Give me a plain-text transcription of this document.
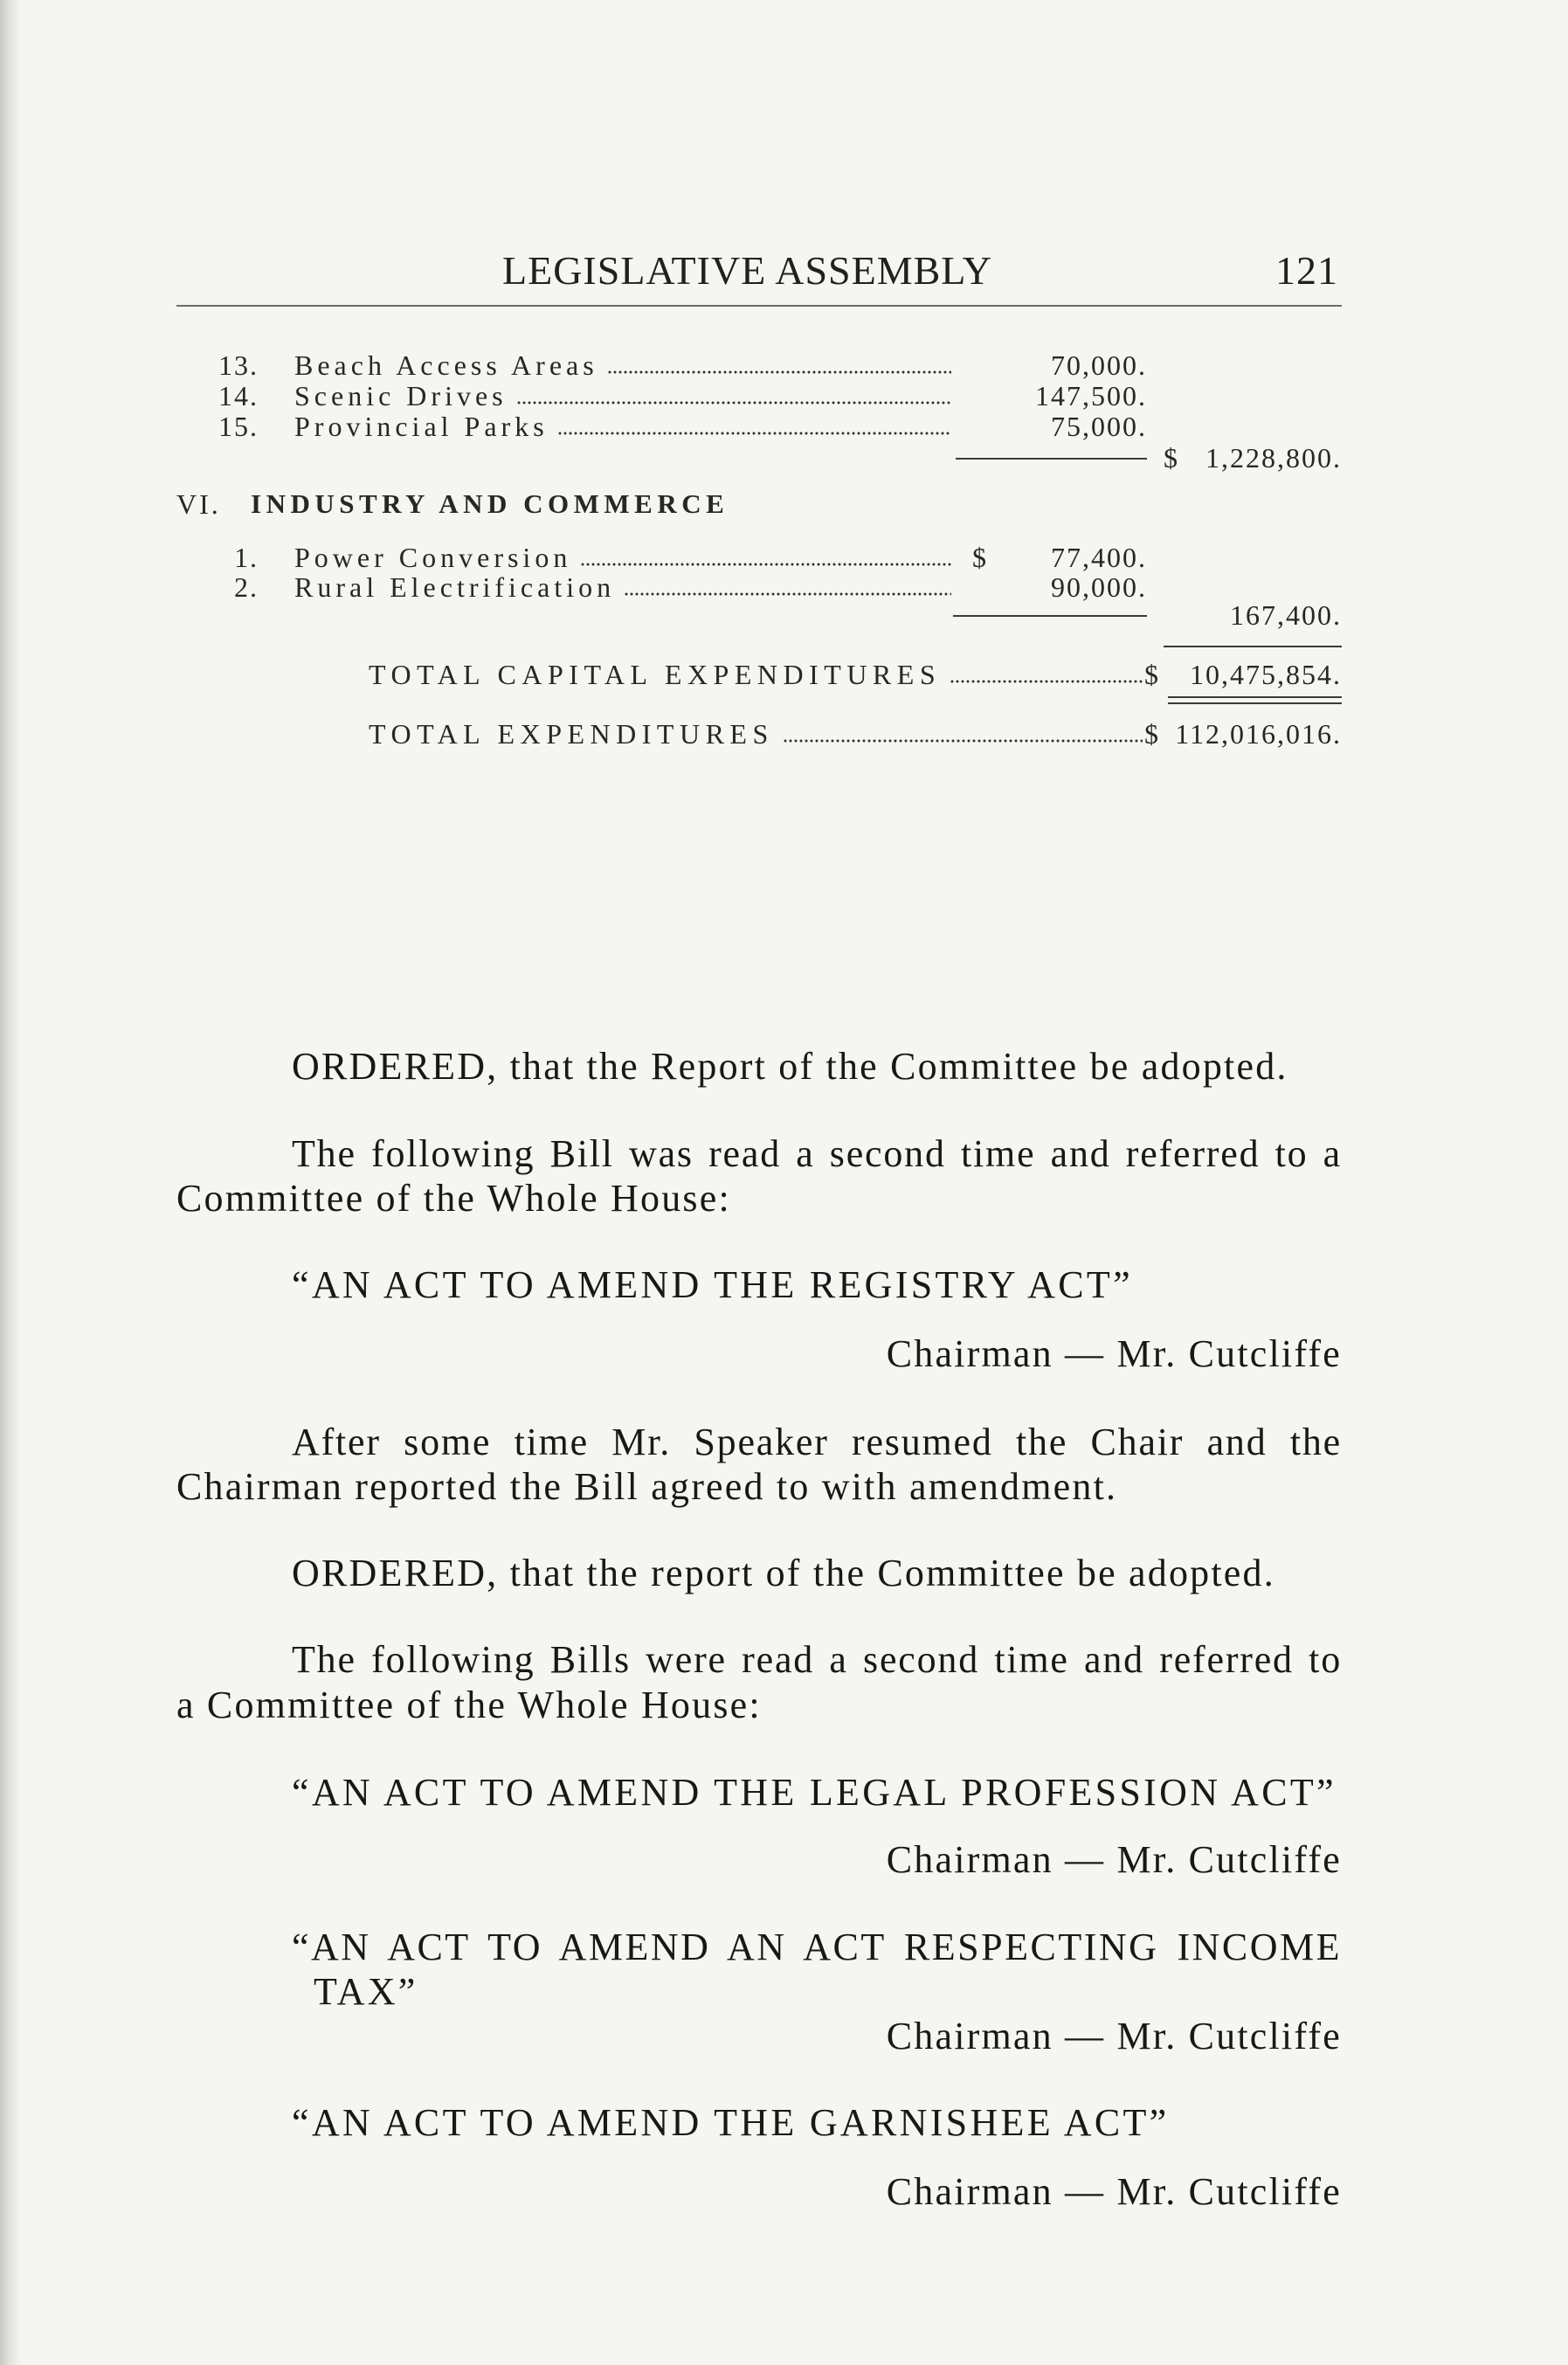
LEGISLATIVE ASSEMBLY	121
13. Beach Access Areas	70,000.
14. Scenic Drives	147,500.
15. Provincial Parks	75,000.
$	1,228,800.
VI. INDUSTRY AND COMMERCE
1. Power Conversion	$	77,400.
2. Rural Electrification	90,000.
167,400.
TOTAL CAPITAL EXPENDITURES	$	10,475,854.
TOTAL EXPENDITURES	$ 112,016,016.
ORDERED, that the Report of the Committee be adopted.
The following Bill was read a second time and referred to a
Committee of the Whole House:
“AN ACT TO AMEND THE REGISTRY ACT”
Chairman — Mr. Cutcliffe
After some time Mr. Speaker resumed the Chair and the
Chairman reported the Bill agreed to with amendment.
ORDERED, that the report of the Committee be adopted.
The following Bills were read a second time and referred to
a Committee of the Whole House:
“AN ACT TO AMEND THE LEGAL PROFESSION ACT”
Chairman — Mr. Cutcliffe
“AN ACT TO AMEND AN ACT RESPECTING INCOME
TAX”
Chairman — Mr. Cutcliffe
“AN ACT TO AMEND THE GARNISHEE ACT”
Chairman — Mr. Cutcliffe
